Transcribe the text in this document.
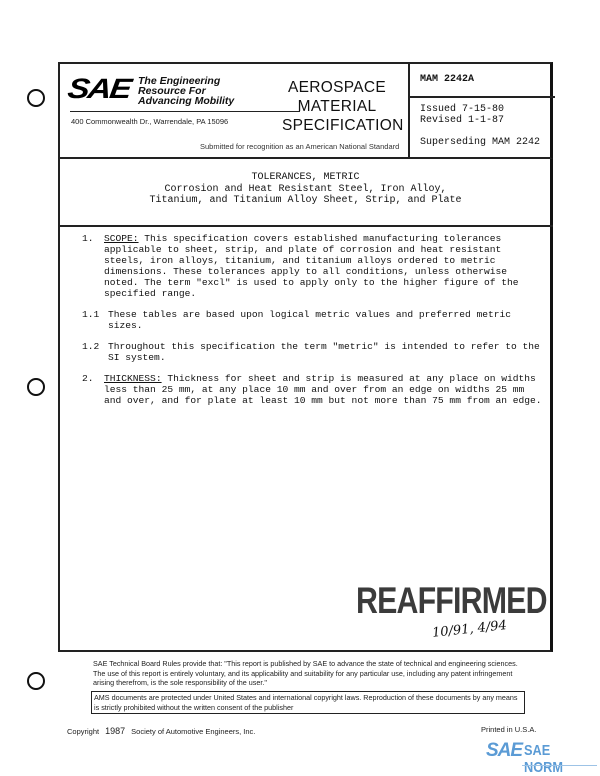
SAE The Engineering
Resource For
Advancing Mobility
400 Commonwealth Dr., Warrendale, PA 15096
AEROSPACE
MATERIAL
SPECIFICATION
Submitted for recognition as an American National Standard
MAM 2242A
Issued 7-15-80
Revised 1-1-87
Superseding MAM 2242
TOLERANCES, METRIC
Corrosion and Heat Resistant Steel, Iron Alloy,
Titanium, and Titanium Alloy Sheet, Strip, and Plate
1. SCOPE: This specification covers established manufacturing tolerances applicable to sheet, strip, and plate of corrosion and heat resistant steels, iron alloys, titanium, and titanium alloys ordered to metric dimensions. These tolerances apply to all conditions, unless otherwise noted. The term "excl" is used to apply only to the higher figure of the specified range.
1.1 These tables are based upon logical metric values and preferred metric sizes.
1.2 Throughout this specification the term "metric" is intended to refer to the SI system.
2. THICKNESS: Thickness for sheet and strip is measured at any place on widths less than 25 mm, at any place 10 mm and over from an edge on widths 25 mm and over, and for plate at least 10 mm but not more than 75 mm from an edge.
REAFFIRMED
10/91, 4/94
SAE Technical Board Rules provide that: "This report is published by SAE to advance the state of technical and engineering sciences. The use of this report is entirely voluntary, and its applicability and suitability for any particular use, including any patent infringement arising therefrom, is the sole responsibility of the user."
AMS documents are protected under United States and international copyright laws. Reproduction of these documents by any means is strictly prohibited without the written consent of the publisher
Copyright 1987 Society of Automotive Engineers, Inc.	Printed in U.S.A.
SAE SAE NORM
